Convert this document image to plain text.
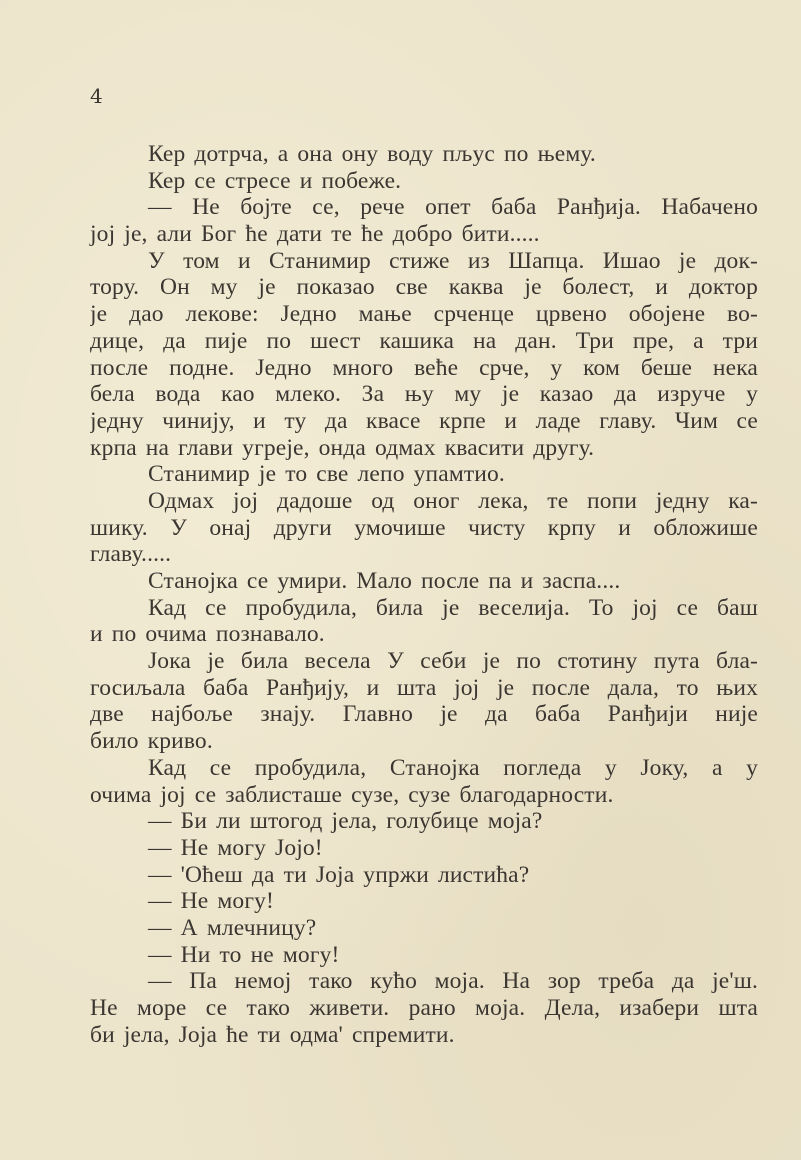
4

Кер дотрча, а она ону воду пљус по њему.
Кер се стресе и побеже.
— Не бојте се, рече опет баба Ранђија. Набачено
јој је, али Бог ће дати те ће добро бити.....
У том и Станимир стиже из Шапца. Ишао је док-
тору. Он му је показао све каква је болест, и доктор
је дао лекове: Једно мање срченце црвено обојене во-
дице, да пије по шест кашика на дан. Три пре, а три
после подне. Једно много веће срче, у ком беше нека
бела вода као млеко. За њу му је казао да изруче у
једну чинију, и ту да квасе крпе и ладе главу. Чим се
крпа на глави угреје, онда одмах квасити другу.
Станимир је то све лепо упамтио.
Одмах јој дадоше од оног лека, те попи једну ка-
шику. У онај други умочише чисту крпу и обложише
главу.....
Станојка се умири. Мало после па и заспа....
Кад се пробудила, била је веселија. То јој се баш
и по очима познавало.
Јока је била весела У себи је по стотину пута бла-
госиљала баба Ранђију, и шта јој је после дала, то њих
две најбоље знају. Главно је да баба Ранђији није
било криво.
Кад се пробудила, Станојка погледа у Јоку, а у
очима јој се заблисташе сузе, сузе благодарности.
— Би ли штогод јела, голубице моја?
— Не могу Јојо!
— 'Оћеш да ти Јоја упржи листића?
— Не могу!
— А млечницу?
— Ни то не могу!
— Па немој тако кућо моја. На зор треба да је'ш.
Не море се тако живети. рано моја. Дела, изабери шта
би јела, Јоја ће ти одма' спремити.
